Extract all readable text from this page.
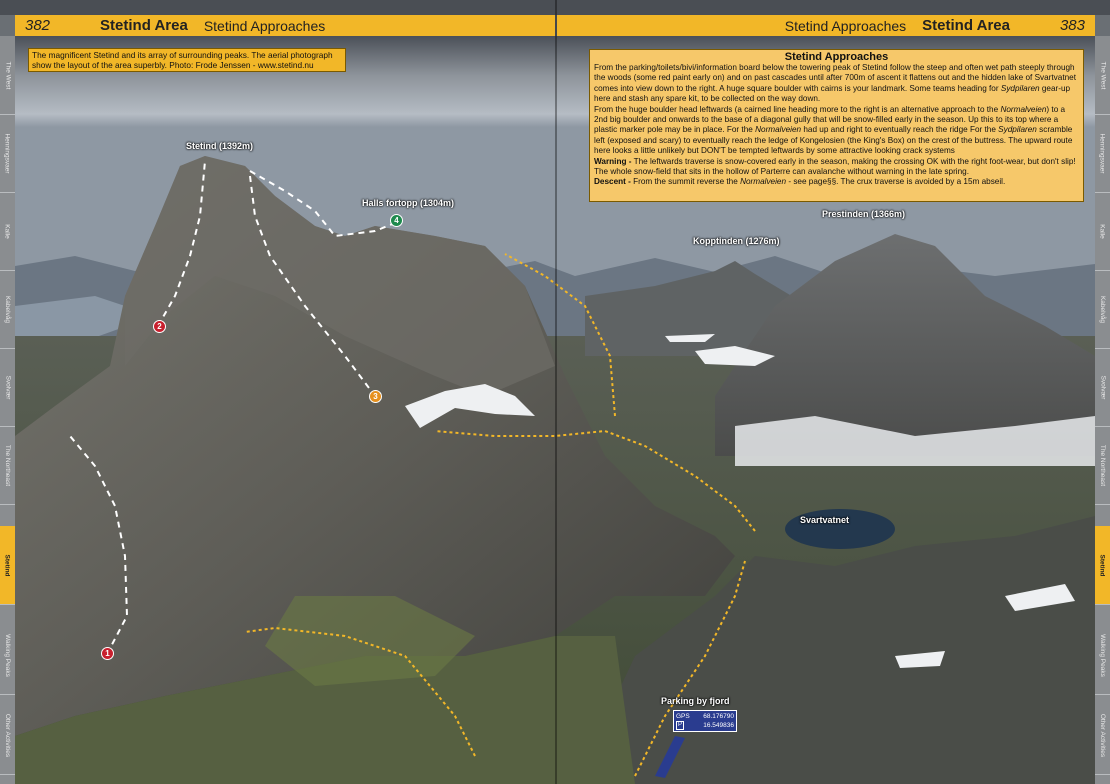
Stetind (1392m)
Halls fortopp (1304m)
Prestinden (1366m)
Kopptinden (1276m)
Svartvatnet
Parking by fjord
1
2
3
4
GPS 68.176790
P	16.549836
382	Stetind Area	Stetind Approaches	Stetind Approaches	Stetind Area	383
The West
Henningsvaer
Kalle
Kabelvåg
Svolvær
The Northeast
Stetind
Walking Peaks
Other Activities
The West
Henningsvaer
Kalle
Kabelvåg
Svolvær
The Northeast
Stetind
Walking Peaks
Other Activities
The magnificent Stetind and its array of surrounding peaks. The aerial photograph show the layout of the area superbly. Photo: Frode Jenssen - www.stetind.nu
Stetind Approaches

From the parking/toilets/bivi/information board below the towering peak of Stetind follow the steep and often wet path steeply through the woods (some red paint early on) and on past cascades until after 700m of ascent it flattens out and the hidden lake of Svartvatnet comes into view down to the right. A huge square boulder with cairns is your landmark. Some teams heading for Sydpilaren gear-up here and stash any spare kit, to be collected on the way down.

From the huge boulder head leftwards (a cairned line heading more to the right is an alternative approach to the Normalveien) to a 2nd big boulder and onwards to the base of a diagonal gully that will be snow-filled early in the season. Up this to its top where a plastic marker pole may be in place. For the Normalveien had up and right to eventually reach the ridge For the Sydpilaren scramble left (exposed and scary) to eventually reach the ledge of Kongelosien (the King's Box) on the crest of the buttress. The upward route here looks a little unlikely but DON'T be tempted leftwards by some attractive looking crack systems

Warning - The leftwards traverse is snow-covered early in the season, making the crossing OK with the right foot-wear, but don't slip! The whole snow-field that sits in the hollow of Parterre can avalanche without warning in the late spring.

Descent - From the summit reverse the Normalveien - see page§§. The crux traverse is avoided by a 15m abseil.
